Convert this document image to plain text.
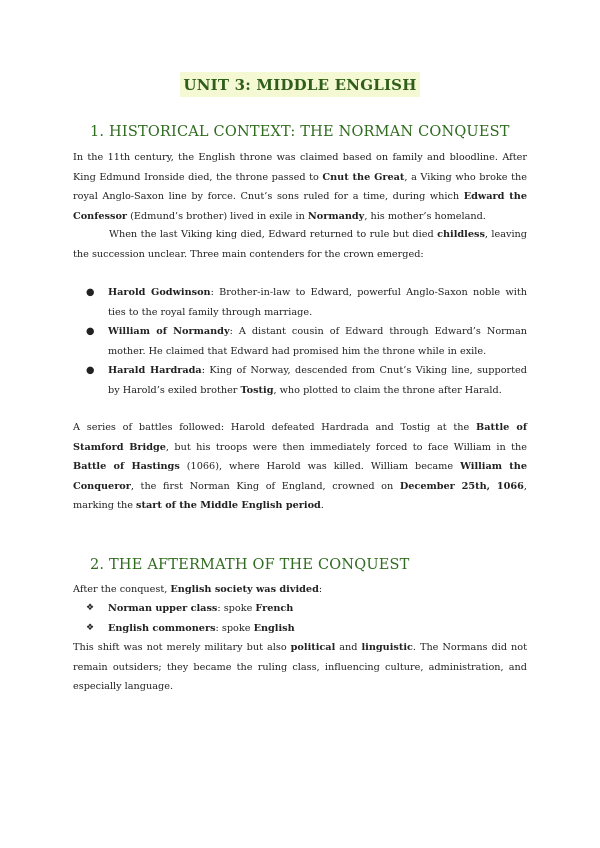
UNIT 3: MIDDLE ENGLISH
1. HISTORICAL CONTEXT: THE NORMAN CONQUEST

In the 11th century, the English throne was claimed based on family and bloodline. After King Edmund Ironside died, the throne passed to Cnut the Great, a Viking who broke the royal Anglo-Saxon line by force. Cnut’s sons ruled for a time, during which Edward the Confessor (Edmund’s brother) lived in exile in Normandy, his mother’s homeland.

When the last Viking king died, Edward returned to rule but died childless, leaving the succession unclear. Three main contenders for the crown emerged:

● Harold Godwinson: Brother-in-law to Edward, powerful Anglo-Saxon noble with ties to the royal family through marriage.
● William of Normandy: A distant cousin of Edward through Edward’s Norman mother. He claimed that Edward had promised him the throne while in exile.
● Harald Hardrada: King of Norway, descended from Cnut’s Viking line, supported by Harold’s exiled brother Tostig, who plotted to claim the throne after Harald.

A series of battles followed: Harold defeated Hardrada and Tostig at the Battle of Stamford Bridge, but his troops were then immediately forced to face William in the Battle of Hastings (1066), where Harold was killed. William became William the Conqueror, the first Norman King of England, crowned on December 25th, 1066, marking the start of the Middle English period.

2. THE AFTERMATH OF THE CONQUEST

After the conquest, English society was divided:

❖ Norman upper class: spoke French
❖ English commoners: spoke English

This shift was not merely military but also political and linguistic. The Normans did not remain outsiders; they became the ruling class, influencing culture, administration, and especially language.
